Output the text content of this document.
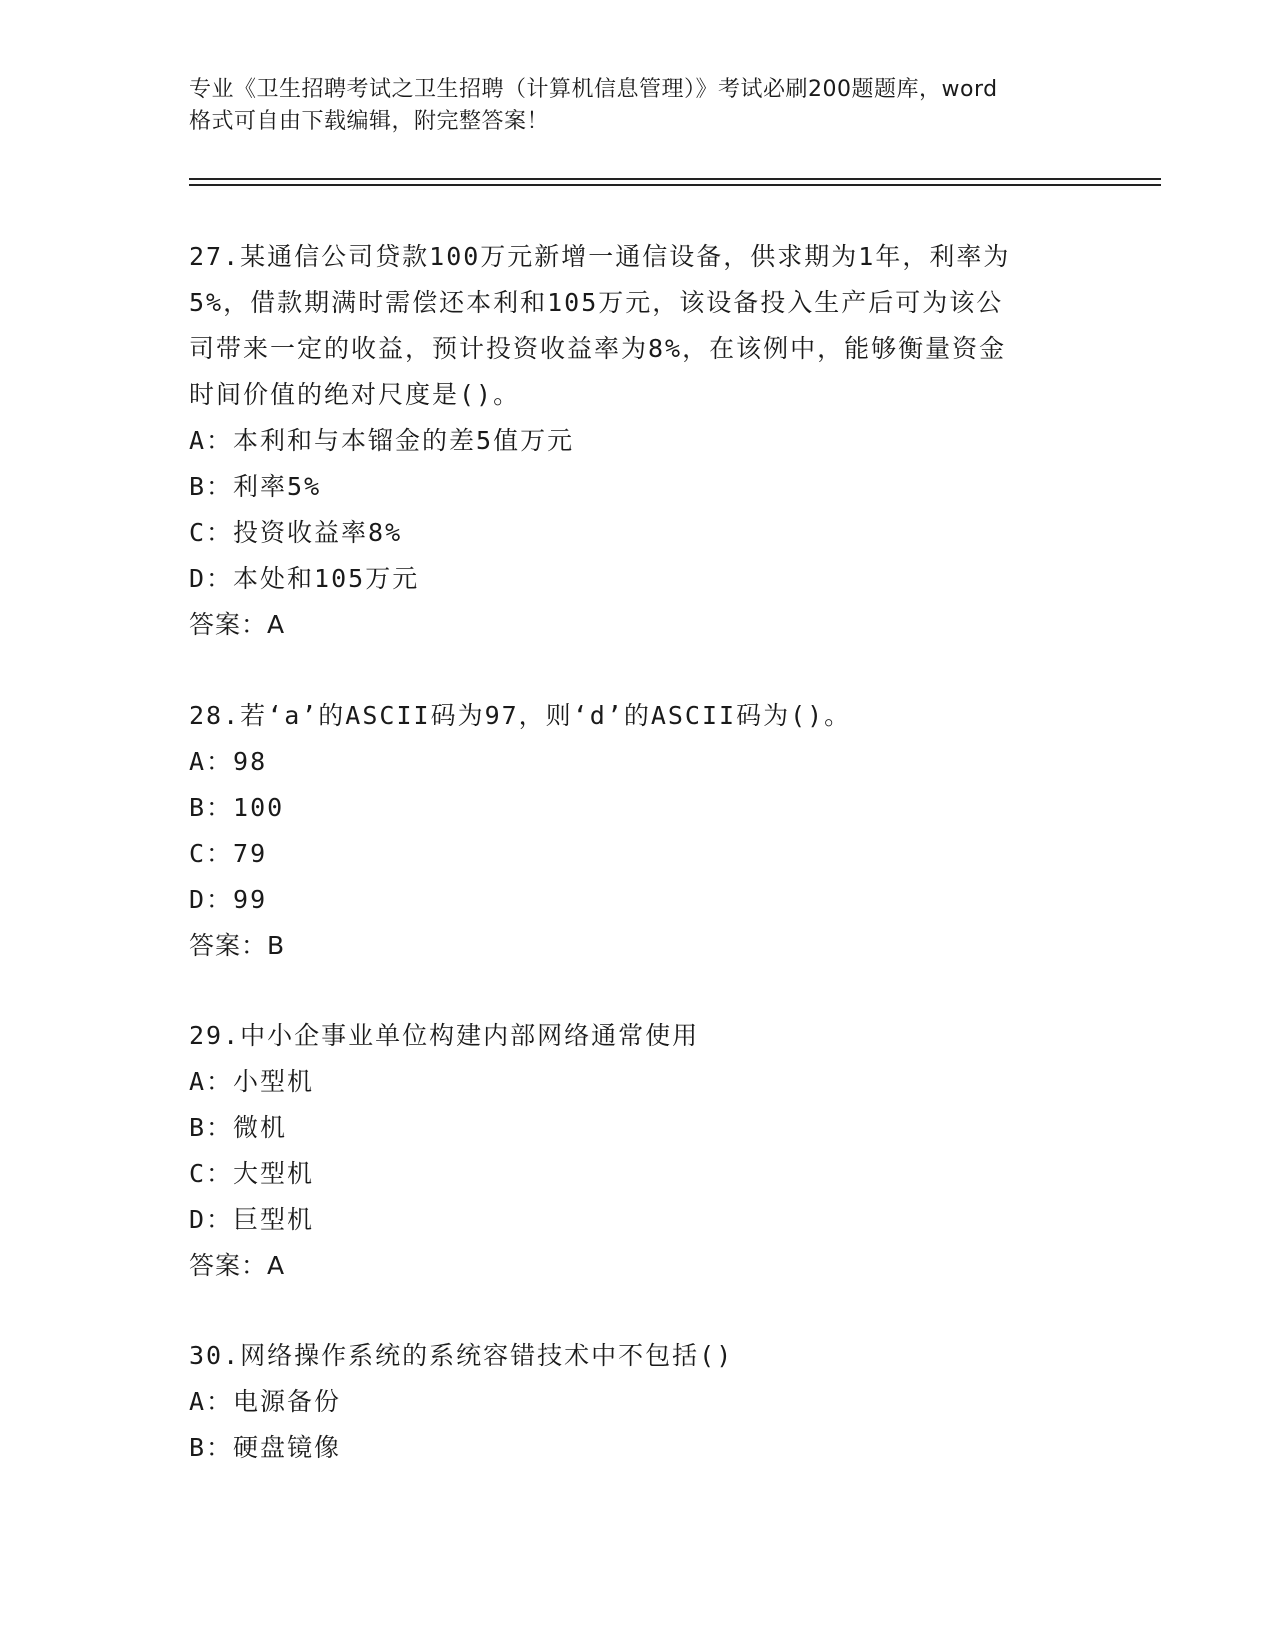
专业《卫生招聘考试之卫生招聘（计算机信息管理）》考试必刷200题题库，word
格式可自由下载编辑，附完整答案！
27.某通信公司贷款100万元新增一通信设备，供求期为1年，利率为
5%，借款期满时需偿还本利和105万元，该设备投入生产后可为该公
司带来一定的收益，预计投资收益率为8%，在该例中，能够衡量资金
时间价值的绝对尺度是()。
A：本利和与本镏金的差5值万元
B：利率5%
C：投资收益率8%
D：本处和105万元
答案：A
28.若‘a’的ASCII码为97，则‘d’的ASCII码为()。
A：98
B：100
C：79
D：99
答案：B
29.中小企事业单位构建内部网络通常使用
A：小型机
B：微机
C：大型机
D：巨型机
答案：A
30.网络操作系统的系统容错技术中不包括()
A：电源备份
B：硬盘镜像
